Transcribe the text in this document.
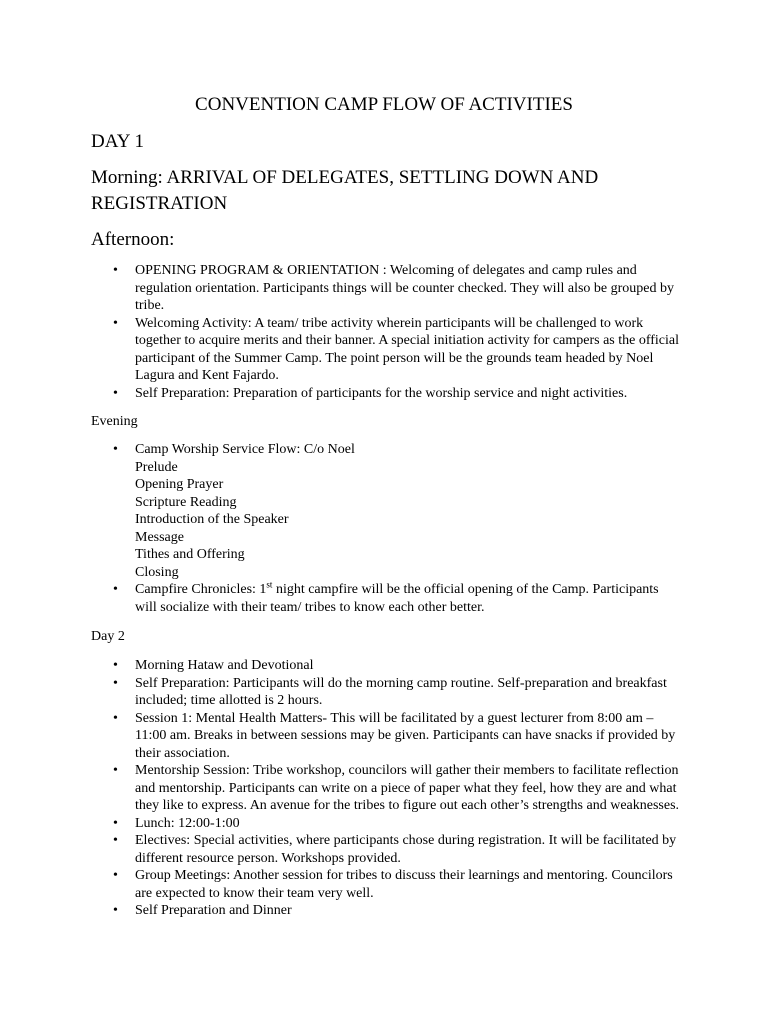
CONVENTION CAMP FLOW OF ACTIVITIES
DAY 1
Morning: ARRIVAL OF DELEGATES, SETTLING DOWN AND REGISTRATION
Afternoon:
• OPENING PROGRAM & ORIENTATION : Welcoming of delegates and camp rules and regulation orientation. Participants things will be counter checked. They will also be grouped by tribe.
• Welcoming Activity: A team/ tribe activity wherein participants will be challenged to work together to acquire merits and their banner. A special initiation activity for campers as the official participant of the Summer Camp. The point person will be the grounds team headed by Noel Lagura and Kent Fajardo.
• Self Preparation: Preparation of participants for the worship service and night activities.

Evening

• Camp Worship Service Flow: C/o Noel
Prelude
Opening Prayer
Scripture Reading
Introduction of the Speaker
Message
Tithes and Offering
Closing
• Campfire Chronicles: 1st night campfire will be the official opening of the Camp. Participants will socialize with their team/ tribes to know each other better.

Day 2

• Morning Hataw and Devotional
• Self Preparation: Participants will do the morning camp routine. Self-preparation and breakfast included; time allotted is 2 hours.
• Session 1: Mental Health Matters- This will be facilitated by a guest lecturer from 8:00 am – 11:00 am. Breaks in between sessions may be given. Participants can have snacks if provided by their association.
• Mentorship Session: Tribe workshop, councilors will gather their members to facilitate reflection and mentorship. Participants can write on a piece of paper what they feel, how they are and what they like to express. An avenue for the tribes to figure out each other’s strengths and weaknesses.
• Lunch: 12:00-1:00
• Electives: Special activities, where participants chose during registration. It will be facilitated by different resource person. Workshops provided.
• Group Meetings: Another session for tribes to discuss their learnings and mentoring. Councilors are expected to know their team very well.
• Self Preparation and Dinner
